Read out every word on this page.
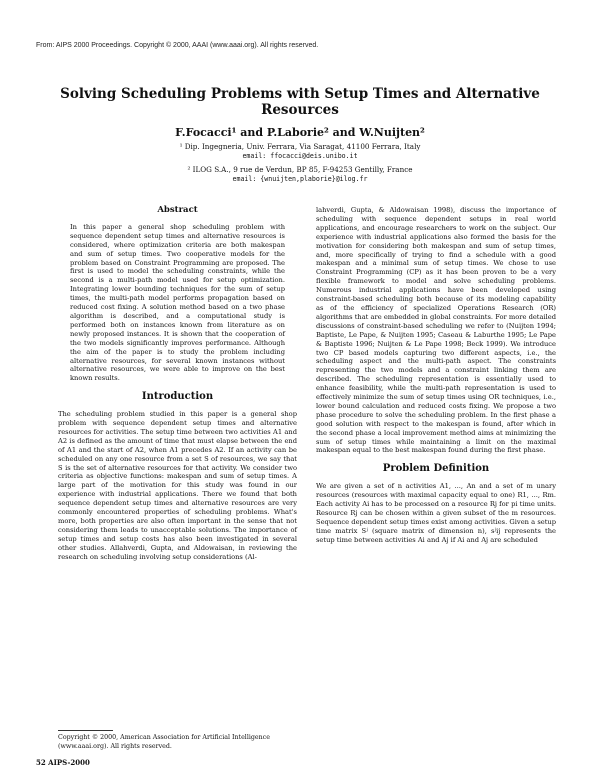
From: AIPS 2000 Proceedings. Copyright © 2000, AAAI (www.aaai.org). All rights reserved.
Solving Scheduling Problems with Setup Times and Alternative Resources
F.Focacci¹ and P.Laborie² and W.Nuijten²
¹ Dip. Ingegneria, Univ. Ferrara, Via Saragat, 41100 Ferrara, Italy
email: ffocacci@deis.unibo.it
² ILOG S.A., 9 rue de Verdun, BP 85, F-94253 Gentilly, France
email: {wnuijten,plaborie}@ilog.fr
Abstract
In this paper a general shop scheduling problem with sequence dependent setup times and alternative resources is considered, where optimization criteria are both makespan and sum of setup times. Two cooperative models for the problem based on Constraint Programming are proposed. The first is used to model the scheduling constraints, while the second is a multi-path model used for setup optimization. Integrating lower bounding techniques for the sum of setup times, the multi-path model performs propagation based on reduced cost fixing. A solution method based on a two phase algorithm is described, and a computational study is performed both on instances known from literature as on newly proposed instances. It is shown that the cooperation of the two models significantly improves performance. Although the aim of the paper is to study the problem including alternative resources, for several known instances without alternative resources, we were able to improve on the best known results.
Introduction

The scheduling problem studied in this paper is a general shop problem with sequence dependent setup times and alternative resources for activities. The setup time between two activities A1 and A2 is defined as the amount of time that must elapse between the end of A1 and the start of A2, when A1 precedes A2. If an activity can be scheduled on any one resource from a set S of resources, we say that S is the set of alternative resources for that activity. We consider two criteria as objective functions: makespan and sum of setup times. A large part of the motivation for this study was found in our experience with industrial applications. There we found that both sequence dependent setup times and alternative resources are very commonly encountered properties of scheduling problems. What's more, both properties are also often important in the sense that not considering them leads to unacceptable solutions. The importance of setup times and setup costs has also been investigated in several other studies. Allahverdi, Gupta, and Aldowaisan, in reviewing the research on scheduling involving setup considerations (Al-

lahverdi, Gupta, & Aldowaisan 1998), discuss the importance of scheduling with sequence dependent setups in real world applications, and encourage researchers to work on the subject. Our experience with industrial applications also formed the basis for the motivation for considering both makespan and sum of setup times, and, more specifically of trying to find a schedule with a good makespan and a minimal sum of setup times. We chose to use Constraint Programming (CP) as it has been proven to be a very flexible framework to model and solve scheduling problems. Numerous industrial applications have been developed using constraint-based scheduling both because of its modeling capability as of the efficiency of specialized Operations Research (OR) algorithms that are embedded in global constraints. For more detailed discussions of constraint-based scheduling we refer to (Nuijten 1994; Baptiste, Le Pape, & Nuijten 1995; Caseau & Laburthe 1995; Le Pape & Baptiste 1996; Nuijten & Le Pape 1998; Beck 1999). We introduce two CP based models capturing two different aspects, i.e., the scheduling aspect and the multi-path aspect. The constraints representing the two models and a constraint linking them are described. The scheduling representation is essentially used to enhance feasibility, while the multi-path representation is used to effectively minimize the sum of setup times using OR techniques, i.e., lower bound calculation and reduced costs fixing. We propose a two phase procedure to solve the scheduling problem. In the first phase a good solution with respect to the makespan is found, after which in the second phase a local improvement method aims at minimizing the sum of setup times while maintaining a limit on the maximal makespan equal to the best makespan found during the first phase.

Problem Definition

We are given a set of n activities A1, ..., An and a set of m unary resources (resources with maximal capacity equal to one) R1, ..., Rm. Each activity Ai has to be processed on a resource Rj for pi time units. Resource Rj can be chosen within a given subset of the m resources. Sequence dependent setup times exist among activities. Given a setup time matrix Sʲ (square matrix of dimension n), sʲij represents the setup time between activities Ai and Aj if Ai and Aj are scheduled

Copyright © 2000, American Association for Artificial Intelligence (www.aaai.org). All rights reserved.
52 AIPS-2000
